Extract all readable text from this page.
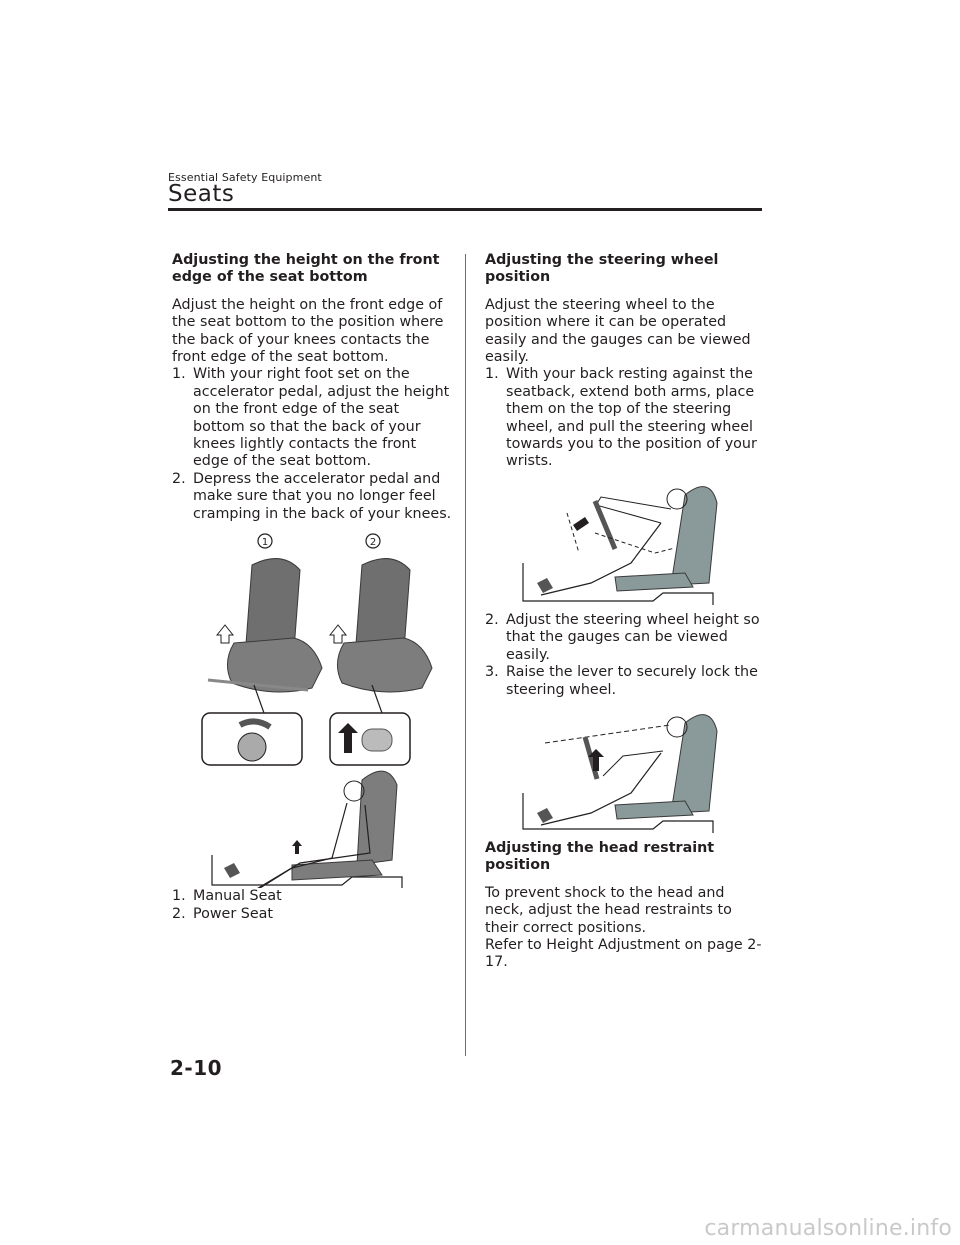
Essential Safety Equipment
Seats

Adjusting the height on the front edge of the seat bottom

Adjust the height on the front edge of the seat bottom to the position where the back of your knees contacts the front edge of the seat bottom.

1. With your right foot set on the accelerator pedal, adjust the height on the front edge of the seat bottom so that the back of your knees lightly contacts the front edge of the seat bottom.
2. Depress the accelerator pedal and make sure that you no longer feel cramping in the back of your knees.
1	2
1. Manual Seat
2. Power Seat

Adjusting the steering wheel position

Adjust the steering wheel to the position where it can be operated easily and the gauges can be viewed easily.

1. With your back resting against the seatback, extend both arms, place them on the top of the steering wheel, and pull the steering wheel towards you to the position of your wrists.
2. Adjust the steering wheel height so that the gauges can be viewed easily.
3. Raise the lever to securely lock the steering wheel.

Adjusting the head restraint position

To prevent shock to the head and neck, adjust the head restraints to their correct positions.

Refer to Height Adjustment on page 2-17.

2-10
carmanualsonline.info
